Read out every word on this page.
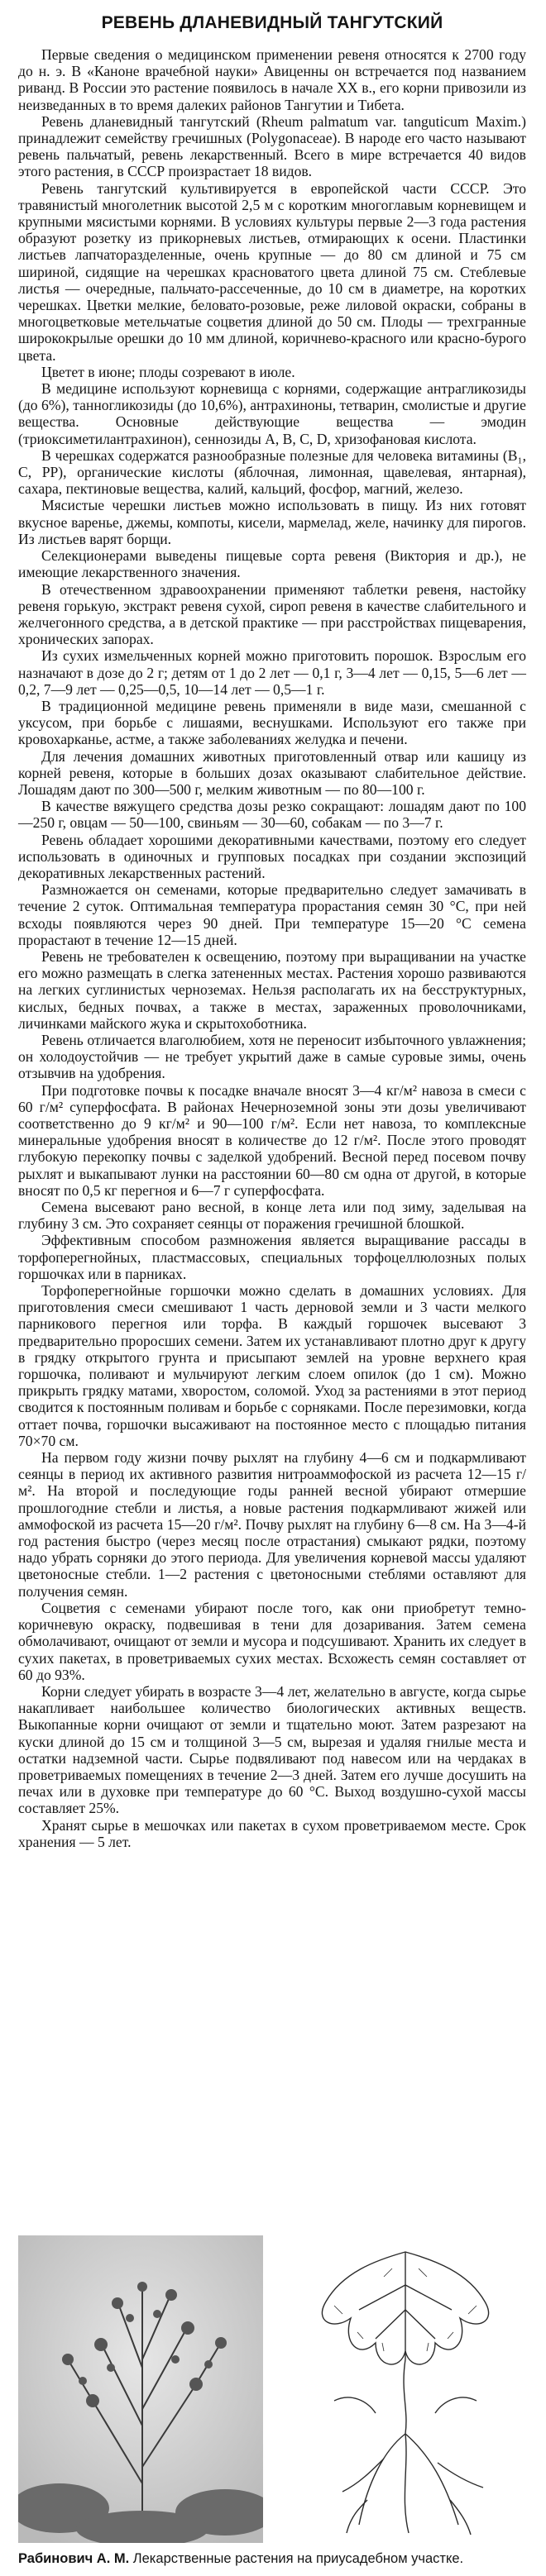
РЕВЕНЬ ДЛАНЕВИДНЫЙ ТАНГУТСКИЙ

Первые сведения о медицинском применении ревеня относятся к 2700 году до н. э. В «Каноне врачебной науки» Авиценны он встречается под названием риванд. В России это растение появилось в начале XX в., его корни привозили из неизведанных в то время далеких районов Тангутии и Тибета.

Ревень дланевидный тангутский (Rheum palmatum var. tanguticum Maxim.) принадлежит семейству гречишных (Polygonaceae). В народе его часто называют ревень пальчатый, ревень лекарственный. Всего в мире встречается 40 видов этого растения, в СССР произрастает 18 видов.

Ревень тангутский культивируется в европейской части СССР. Это травянистый многолетник высотой 2,5 м с коротким многоглавым корневищем и крупными мясистыми корнями. В условиях культуры первые 2—3 года растения образуют розетку из прикорневых листьев, отмирающих к осени. Пластинки листьев лапчаторазделенные, очень крупные — до 80 см длиной и 75 см шириной, сидящие на черешках красноватого цвета длиной 75 см. Стеблевые листья — очередные, пальчато-рассеченные, до 10 см в диаметре, на коротких черешках. Цветки мелкие, беловато-розовые, реже лиловой окраски, собраны в многоцветковые метельчатые соцветия длиной до 50 см. Плоды — трехгранные ширококрылые орешки до 10 мм длиной, коричнево-красного или красно-бурого цвета.

Цветет в июне; плоды созревают в июле.

В медицине используют корневища с корнями, содержащие антрагликозиды (до 6%), танногликозиды (до 10,6%), антрахиноны, тетварин, смолистые и другие вещества. Основные действующие вещества — эмодин (триоксиметилантрахинон), сеннозиды A, B, C, D, хризофановая кислота.

В черешках содержатся разнообразные полезные для человека витамины (B₁, C, PP), органические кислоты (яблочная, лимонная, щавелевая, янтарная), сахара, пектиновые вещества, калий, кальций, фосфор, магний, железо.

Мясистые черешки листьев можно использовать в пищу. Из них готовят вкусное варенье, джемы, компоты, кисели, мармелад, желе, начинку для пирогов. Из листьев варят борщи.

Селекционерами выведены пищевые сорта ревеня (Виктория и др.), не имеющие лекарственного значения.

В отечественном здравоохранении применяют таблетки ревеня, настойку ревеня горькую, экстракт ревеня сухой, сироп ревеня в качестве слабительного и желчегонного средства, а в детской практике — при расстройствах пищеварения, хронических запорах.

Из сухих измельченных корней можно приготовить порошок. Взрослым его назначают в дозе до 2 г; детям от 1 до 2 лет — 0,1 г, 3—4 лет — 0,15, 5—6 лет — 0,2, 7—9 лет — 0,25—0,5, 10—14 лет — 0,5—1 г.

В традиционной медицине ревень применяли в виде мази, смешанной с уксусом, при борьбе с лишаями, веснушками. Используют его также при кровохарканье, астме, а также заболеваниях желудка и печени.

Для лечения домашних животных приготовленный отвар или кашицу из корней ревеня, которые в больших дозах оказывают слабительное действие. Лошадям дают по 300—500 г, мелким животным — по 80—100 г.

В качестве вяжущего средства дозы резко сокращают: лошадям дают по 100—250 г, овцам — 50—100, свиньям — 30—60, собакам — по 3—7 г.

Ревень обладает хорошими декоративными качествами, поэтому его следует использовать в одиночных и групповых посадках при создании экспозиций декоративных лекарственных растений.

Размножается он семенами, которые предварительно следует замачивать в течение 2 суток. Оптимальная температура прорастания семян 30 °С, при ней всходы появляются через 90 дней. При температуре 15—20 °С семена прорастают в течение 12—15 дней.

Ревень не требователен к освещению, поэтому при выращивании на участке его можно размещать в слегка затененных местах. Растения хорошо развиваются на легких суглинистых черноземах. Нельзя располагать их на бесструктурных, кислых, бедных почвах, а также в местах, зараженных проволочниками, личинками майского жука и скрытохоботника.

Ревень отличается влаголюбием, хотя не переносит избыточного увлажнения; он холодоустойчив — не требует укрытий даже в самые суровые зимы, очень отзывчив на удобрения.

При подготовке почвы к посадке вначале вносят 3—4 кг/м² навоза в смеси с 60 г/м² суперфосфата. В районах Нечерноземной зоны эти дозы увеличивают соответственно до 9 кг/м² и 90—100 г/м². Если нет навоза, то комплексные минеральные удобрения вносят в количестве до 12 г/м². После этого проводят глубокую перекопку почвы с заделкой удобрений. Весной перед посевом почву рыхлят и выкапывают лунки на расстоянии 60—80 см одна от другой, в которые вносят по 0,5 кг перегноя и 6—7 г суперфосфата.

Семена высевают рано весной, в конце лета или под зиму, заделывая на глубину 3 см. Это сохраняет сеянцы от поражения гречишной блошкой.

Эффективным способом размножения является выращивание рассады в торфоперегнойных, пластмассовых, специальных торфоцеллюлозных полых горшочках или в парниках.

Торфоперегнойные горшочки можно сделать в домашних условиях. Для приготовления смеси смешивают 1 часть дерновой земли и 3 части мелкого парникового перегноя или торфа. В каждый горшочек высевают 3 предварительно проросших семени. Затем их устанавливают плотно друг к другу в грядку открытого грунта и присыпают землей на уровне верхнего края горшочка, поливают и мульчируют легким слоем опилок (до 1 см). Можно прикрыть грядку матами, хворостом, соломой. Уход за растениями в этот период сводится к постоянным поливам и борьбе с сорняками. После перезимовки, когда оттает почва, горшочки высаживают на постоянное место с площадью питания 70×70 см.

На первом году жизни почву рыхлят на глубину 4—6 см и подкармливают сеянцы в период их активного развития нитроаммофоской из расчета 12—15 г/м². На второй и последующие годы ранней весной убирают отмершие прошлогодние стебли и листья, а новые растения подкармливают жижей или аммофоской из расчета 15—20 г/м². Почву рыхлят на глубину 6—8 см. На 3—4-й год растения быстро (через месяц после отрастания) смыкают рядки, поэтому надо убрать сорняки до этого периода. Для увеличения корневой массы удаляют цветоносные стебли. 1—2 растения с цветоносными стеблями оставляют для получения семян.

Соцветия с семенами убирают после того, как они приобретут темно-коричневую окраску, подвешивая в тени для дозаривания. Затем семена обмолачивают, очищают от земли и мусора и подсушивают. Хранить их следует в сухих пакетах, в проветриваемых сухих местах. Всхожесть семян составляет от 60 до 93%.

Корни следует убирать в возрасте 3—4 лет, желательно в августе, когда сырье накапливает наибольшее количество биологических активных веществ. Выкопанные корни очищают от земли и тщательно моют. Затем разрезают на куски длиной до 15 см и толщиной 3—5 см, вырезая и удаляя гнилые места и остатки надземной части. Сырье подвяливают под навесом или на чердаках в проветриваемых помещениях в течение 2—3 дней. Затем его лучше досушить на печах или в духовке при температуре до 60 °С. Выход воздушно-сухой массы составляет 25%.

Хранят сырье в мешочках или пакетах в сухом проветриваемом месте. Срок хранения — 5 лет.

Рабинович А. М. Лекарственные растения на приусадебном участке.
